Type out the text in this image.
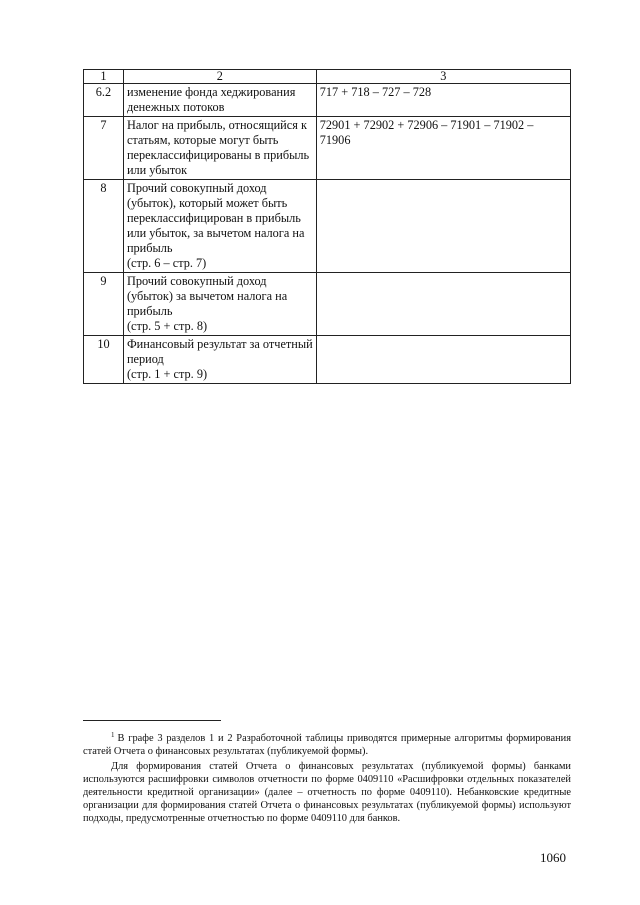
1	2	3
6.2	изменение фонда хеджирования денежных потоков	717 + 718 – 727 – 728
7	Налог на прибыль, относящийся к статьям, которые могут быть переклассифицированы в прибыль или убыток	72901 + 72902 + 72906 – 71901 – 71902 – 71906
8	Прочий совокупный доход (убыток), который может быть переклассифицирован в прибыль или убыток, за вычетом налога на прибыль
(стр. 6 – стр. 7)	
9	Прочий совокупный доход (убыток) за вычетом налога на прибыль
(стр. 5 + стр. 8)	
10	Финансовый результат за отчетный период
(стр. 1 + стр. 9)	

$^1$ В графе 3 разделов 1 и 2 Разработочной таблицы приводятся примерные алгоритмы формирования статей Отчета о финансовых результатах (публикуемой формы).

Для формирования статей Отчета о финансовых результатах (публикуемой формы) банками используются расшифровки символов отчетности по форме 0409110 «Расшифровки отдельных показателей деятельности кредитной организации» (далее – отчетность по форме 0409110). Небанковские кредитные организации для формирования статей Отчета о финансовых результатах (публикуемой формы) используют подходы, предусмотренные отчетностью по форме 0409110 для банков.

1060
